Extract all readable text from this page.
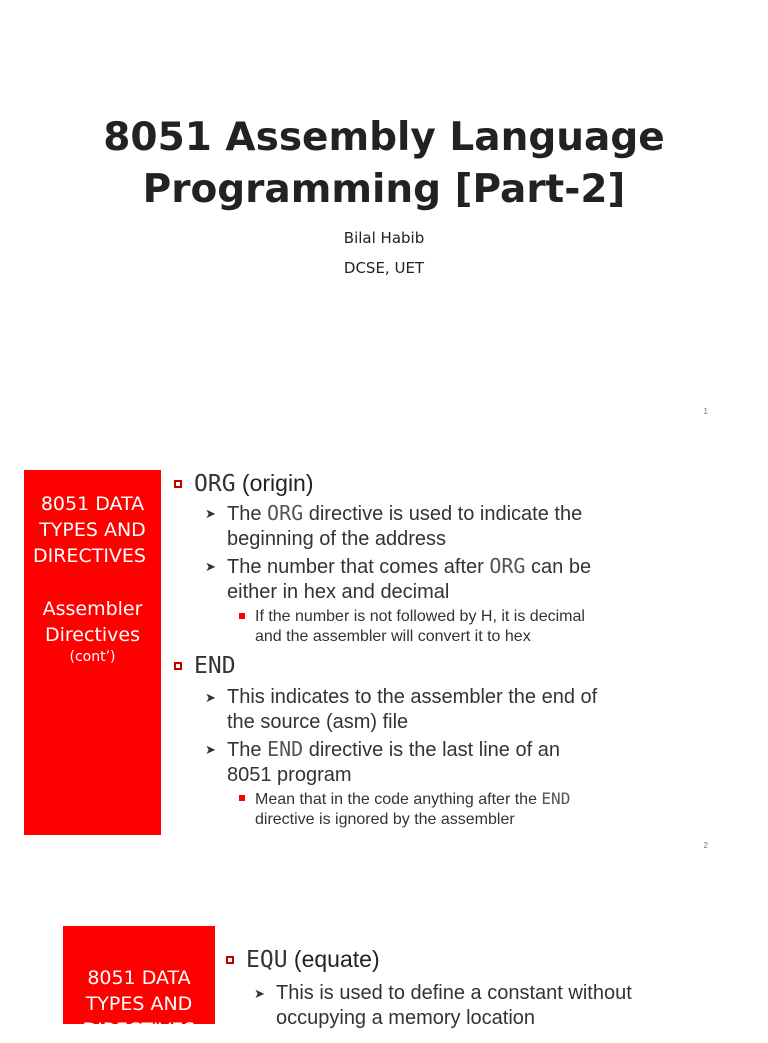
8051 Assembly Language
Programming [Part-2]
Bilal Habib
DCSE, UET
1
8051 DATA
TYPES AND
DIRECTIVES
Assembler
Directives
(cont’)
ORG (origin)
➤ The ORG directive is used to indicate the
beginning of the address
➤ The number that comes after ORG can be
either in hex and decimal
If the number is not followed by H, it is decimal
and the assembler will convert it to hex
END
➤ This indicates to the assembler the end of
the source (asm) file
➤ The END directive is the last line of an
8051 program
Mean that in the code anything after the END
directive is ignored by the assembler
2
8051 DATA
TYPES AND
DIRECTIVES
EQU (equate)
➤ This is used to define a constant without
occupying a memory location
